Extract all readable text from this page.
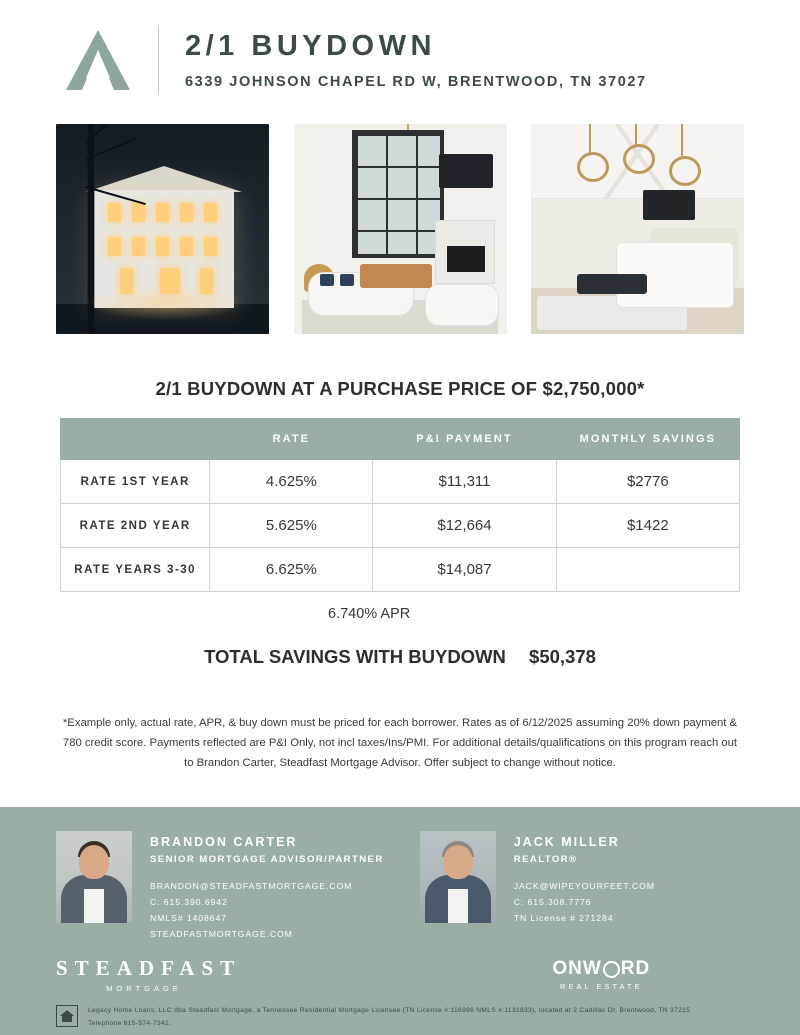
2/1 BUYDOWN
6339 JOHNSON CHAPEL RD W, BRENTWOOD, TN 37027
2/1 BUYDOWN AT A PURCHASE PRICE OF $2,750,000*
	RATE	P&I PAYMENT	MONTHLY SAVINGS
RATE 1ST YEAR	4.625%	$11,311	$2776
RATE 2ND YEAR	5.625%	$12,664	$1422
RATE YEARS 3-30	6.625%	$14,087	
6.740% APR
TOTAL SAVINGS WITH BUYDOWN $50,378
*Example only, actual rate, APR, & buy down must be priced for each borrower. Rates as of 6/12/2025 assuming 20% down payment & 780 credit score. Payments reflected are P&I Only, not incl taxes/Ins/PMI. For additional details/qualifications on this program reach out to Brandon Carter, Steadfast Mortgage Advisor. Offer subject to change without notice.
BRANDON CARTER
SENIOR MORTGAGE ADVISOR/PARTNER
BRANDON@STEADFASTMORTGAGE.COM
C: 615.390.6942
NMLS# 1408647
STEADFASTMORTGAGE.COM
JACK MILLER
REALTOR®
JACK@WIPEYOURFEET.COM
C: 615.308.7776
TN License # 271284
STEADFAST
MORTGAGE
ONW RD
REAL ESTATE
Legacy Home Loans, LLC dba Steadfast Mortgage, a Tennessee Residential Mortgage Licensee (TN License #:116996 NMLS #:1131833), located at 2 Cadillac Dr, Brentwood, TN 37215
Telephone 615-574-7342.
